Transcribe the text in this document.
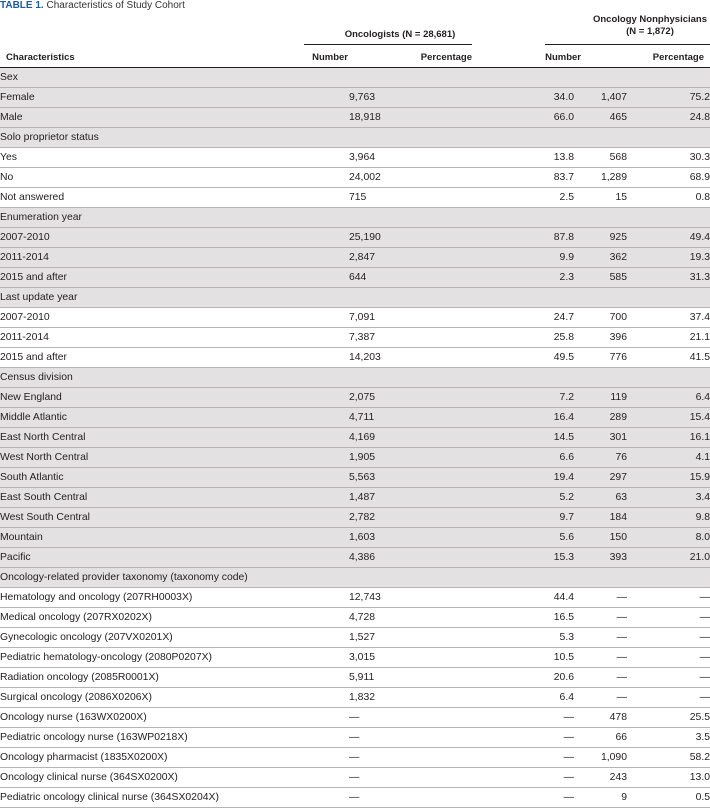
TABLE 1. Characteristics of Study Cohort
Oncologists (N = 28,681)
Oncology Nonphysicians
(N = 1,872)
Characteristics	Number	Percentage	Number	Percentage
Sex				
Female	9,763	34.0	1,407	75.2
Male	18,918	66.0	465	24.8
Solo proprietor status				
Yes	3,964	13.8	568	30.3
No	24,002	83.7	1,289	68.9
Not answered	715	2.5	15	0.8
Enumeration year				
2007-2010	25,190	87.8	925	49.4
2011-2014	2,847	9.9	362	19.3
2015 and after	644	2.3	585	31.3
Last update year				
2007-2010	7,091	24.7	700	37.4
2011-2014	7,387	25.8	396	21.1
2015 and after	14,203	49.5	776	41.5
Census division				
New England	2,075	7.2	119	6.4
Middle Atlantic	4,711	16.4	289	15.4
East North Central	4,169	14.5	301	16.1
West North Central	1,905	6.6	76	4.1
South Atlantic	5,563	19.4	297	15.9
East South Central	1,487	5.2	63	3.4
West South Central	2,782	9.7	184	9.8
Mountain	1,603	5.6	150	8.0
Pacific	4,386	15.3	393	21.0
Oncology-related provider taxonomy (taxonomy code)				
Hematology and oncology (207RH0003X)	12,743	44.4	—	—
Medical oncology (207RX0202X)	4,728	16.5	—	—
Gynecologic oncology (207VX0201X)	1,527	5.3	—	—
Pediatric hematology-oncology (2080P0207X)	3,015	10.5	—	—
Radiation oncology (2085R0001X)	5,911	20.6	—	—
Surgical oncology (2086X0206X)	1,832	6.4	—	—
Oncology nurse (163WX0200X)	—	—	478	25.5
Pediatric oncology nurse (163WP0218X)	—	—	66	3.5
Oncology pharmacist (1835X0200X)	—	—	1,090	58.2
Oncology clinical nurse (364SX0200X)	—	—	243	13.0
Pediatric oncology clinical nurse (364SX0204X)	—	—	9	0.5
